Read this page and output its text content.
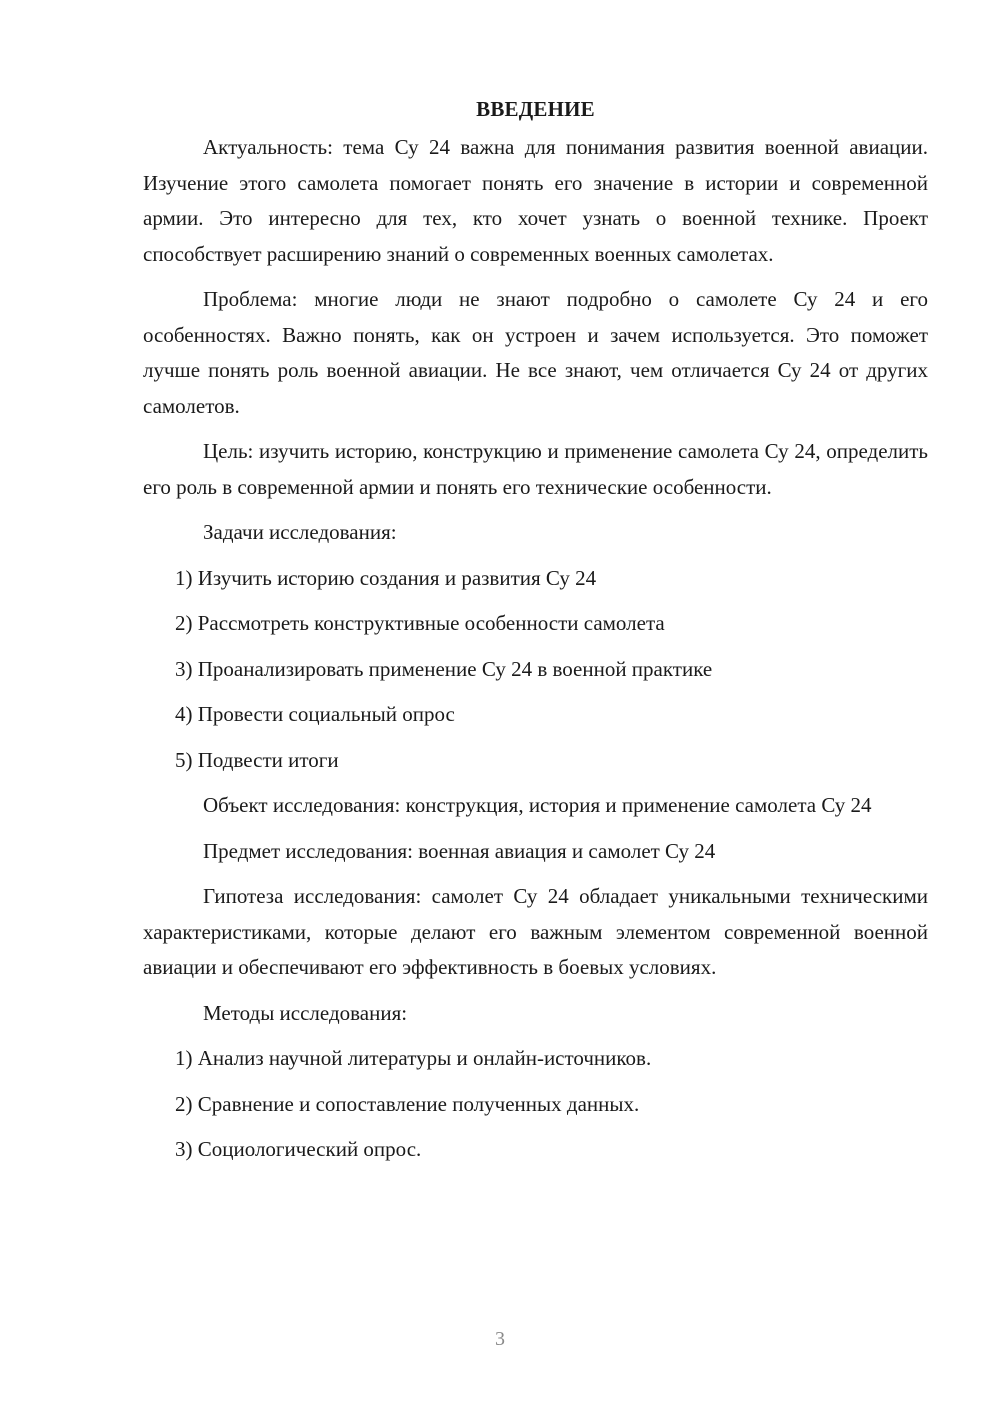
ВВЕДЕНИЕ

Актуальность: тема Су 24 важна для понимания развития военной авиации. Изучение этого самолета помогает понять его значение в истории и современной армии. Это интересно для тех, кто хочет узнать о военной технике. Проект способствует расширению знаний о современных военных самолетах.

Проблема: многие люди не знают подробно о самолете Су 24 и его особенностях. Важно понять, как он устроен и зачем используется. Это поможет лучше понять роль военной авиации. Не все знают, чем отличается Су 24 от других самолетов.

Цель: изучить историю, конструкцию и применение самолета Су 24, определить его роль в современной армии и понять его технические особенности.

Задачи исследования:

1) Изучить историю создания и развития Су 24

2) Рассмотреть конструктивные особенности самолета

3) Проанализировать применение Су 24 в военной практике

4) Провести социальный опрос

5) Подвести итоги

Объект исследования: конструкция, история и применение самолета Су 24

Предмет исследования: военная авиация и самолет Су 24

Гипотеза исследования: самолет Су 24 обладает уникальными техническими характеристиками, которые делают его важным элементом современной военной авиации и обеспечивают его эффективность в боевых условиях.

Методы исследования:

1) Анализ научной литературы и онлайн-источников.

2) Сравнение и сопоставление полученных данных.

3) Социологический опрос.

3
